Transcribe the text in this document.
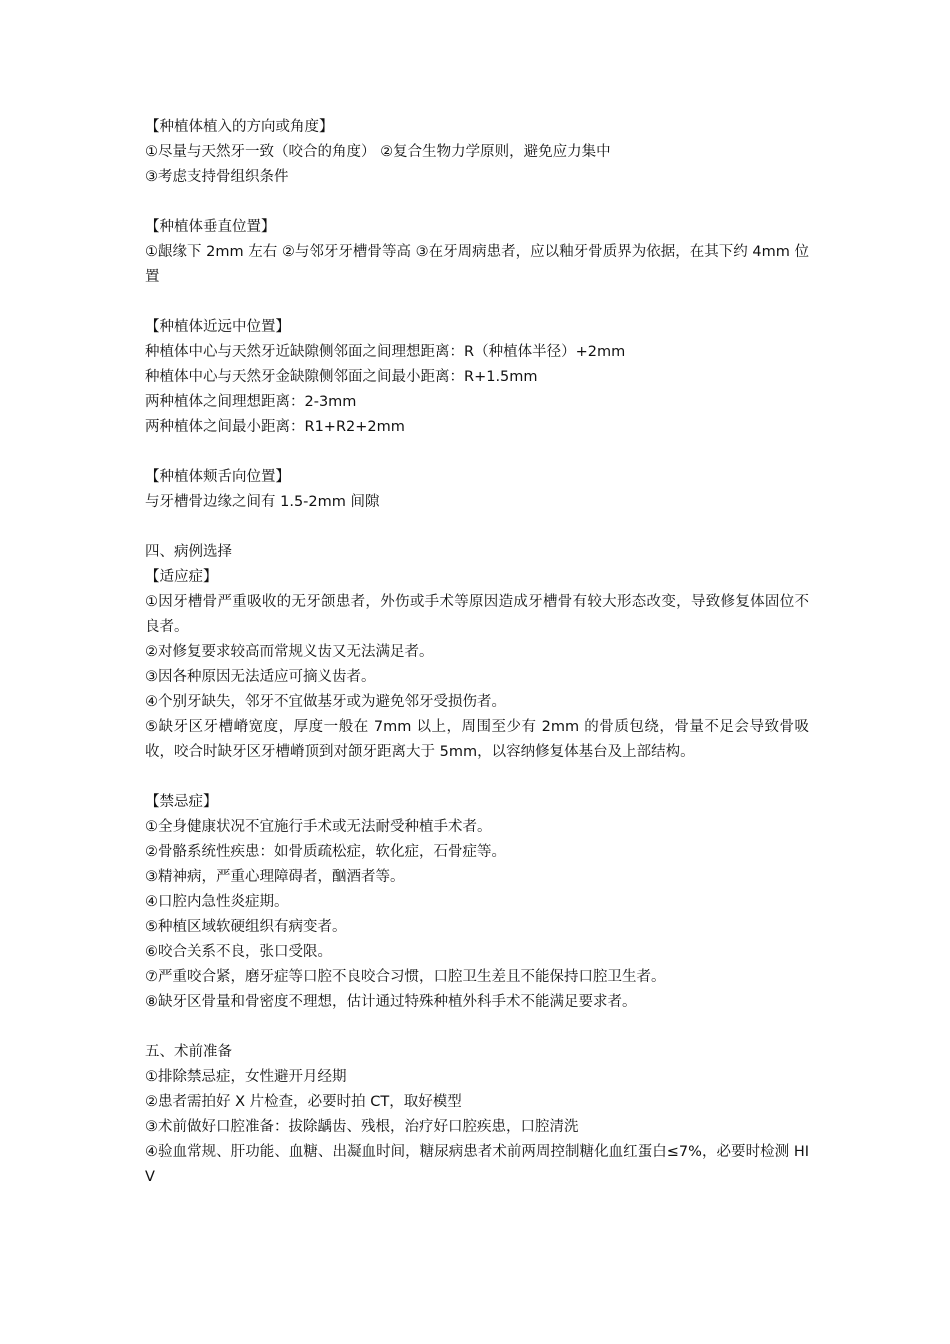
【种植体植入的方向或角度】
①尽量与天然牙一致（咬合的角度） ②复合生物力学原则，避免应力集中
③考虑支持骨组织条件
【种植体垂直位置】
①龈缘下 2mm 左右 ②与邻牙牙槽骨等高 ③在牙周病患者，应以釉牙骨质界为依据，在其下约 4mm 位置
【种植体近远中位置】
种植体中心与天然牙近缺隙侧邻面之间理想距离：R（种植体半径）+2mm
种植体中心与天然牙金缺隙侧邻面之间最小距离：R+1.5mm
两种植体之间理想距离：2-3mm
两种植体之间最小距离：R1+R2+2mm
【种植体颊舌向位置】
与牙槽骨边缘之间有 1.5-2mm 间隙
四、病例选择
【适应症】
①因牙槽骨严重吸收的无牙颌患者，外伤或手术等原因造成牙槽骨有较大形态改变，导致修复体固位不良者。
②对修复要求较高而常规义齿又无法满足者。
③因各种原因无法适应可摘义齿者。
④个别牙缺失，邻牙不宜做基牙或为避免邻牙受损伤者。
⑤缺牙区牙槽嵴宽度，厚度一般在 7mm 以上，周围至少有 2mm 的骨质包绕，骨量不足会导致骨吸收，咬合时缺牙区牙槽嵴顶到对颌牙距离大于 5mm，以容纳修复体基台及上部结构。
【禁忌症】
①全身健康状况不宜施行手术或无法耐受种植手术者。
②骨骼系统性疾患：如骨质疏松症，软化症，石骨症等。
③精神病，严重心理障碍者，酗酒者等。
④口腔内急性炎症期。
⑤种植区域软硬组织有病变者。
⑥咬合关系不良，张口受限。
⑦严重咬合紧，磨牙症等口腔不良咬合习惯，口腔卫生差且不能保持口腔卫生者。
⑧缺牙区骨量和骨密度不理想，估计通过特殊种植外科手术不能满足要求者。
五、术前准备
①排除禁忌症，女性避开月经期
②患者需拍好 X 片检查，必要时拍 CT，取好模型
③术前做好口腔准备：拔除龋齿、残根，治疗好口腔疾患，口腔清洗
④验血常规、肝功能、血糖、出凝血时间，糖尿病患者术前两周控制糖化血红蛋白≤7%，必要时检测 HIV
